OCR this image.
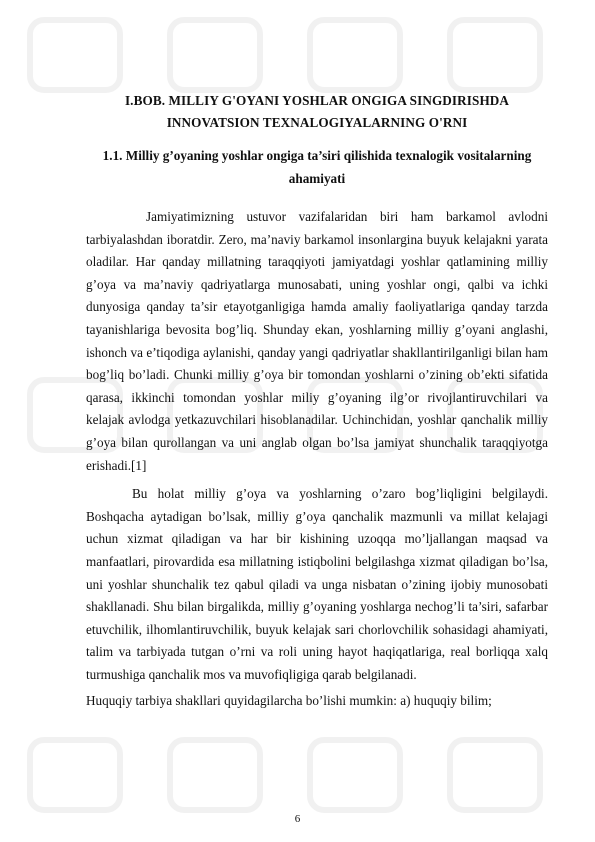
I.BOB. MILLIY G'OYANI YOSHLAR ONGIGA SINGDIRISHDA INNOVATSION TEXNALOGIYALARNING O'RNI
1.1. Milliy g’oyaning yoshlar ongiga ta’siri qilishida texnalogik vositalarning ahamiyati

Jamiyatimizning ustuvor vazifalaridan biri ham barkamol avlodni tarbiyalashdan iboratdir. Zero, ma’naviy barkamol insonlargina buyuk kelajakni yarata oladilar. Har qanday millatning taraqqiyoti jamiyatdagi yoshlar qatlamining milliy g’oya va ma’naviy qadriyatlarga munosabati, uning yoshlar ongi, qalbi va ichki dunyosiga qanday ta’sir etayotganligiga hamda amaliy faoliyatlariga qanday tarzda tayanishlariga bevosita bog’liq. Shunday ekan, yoshlarning milliy g’oyani anglashi, ishonch va e’tiqodiga aylanishi, qanday yangi qadriyatlar shakllantirilganligi bilan ham bog’liq bo’ladi. Chunki milliy g’oya bir tomondan yoshlarni o’zining ob’ekti sifatida qarasa, ikkinchi tomondan yoshlar miliy g’oyaning ilg’or rivojlantiruvchilari va kelajak avlodga yetkazuvchilari hisoblanadilar. Uchinchidan, yoshlar qanchalik milliy g’oya bilan qurollangan va uni anglab olgan bo’lsa jamiyat shunchalik taraqqiyotga erishadi.[1]

Bu holat milliy g’oya va yoshlarning o’zaro bog’liqligini belgilaydi. Boshqacha aytadigan bo’lsak, milliy g’oya qanchalik mazmunli va millat kelajagi uchun xizmat qiladigan va har bir kishining uzoqqa mo’ljallangan maqsad va manfaatlari, pirovardida esa millatning istiqbolini belgilashga xizmat qiladigan bo’lsa, uni yoshlar shunchalik tez qabul qiladi va unga nisbatan o’zining ijobiy munosobati shakllanadi. Shu bilan birgalikda, milliy g’oyaning yoshlarga nechog’li ta’siri, safarbar etuvchilik, ilhomlantiruvchilik, buyuk kelajak sari chorlovchilik sohasidagi ahamiyati, talim va tarbiyada tutgan o’rni va roli uning hayot haqiqatlariga, real borliqqa xalq turmushiga qanchalik mos va muvofiqligiga qarab belgilanadi.

Huquqiy tarbiya shakllari quyidagilarcha bo’lishi mumkin: a) huquqiy bilim;

6
